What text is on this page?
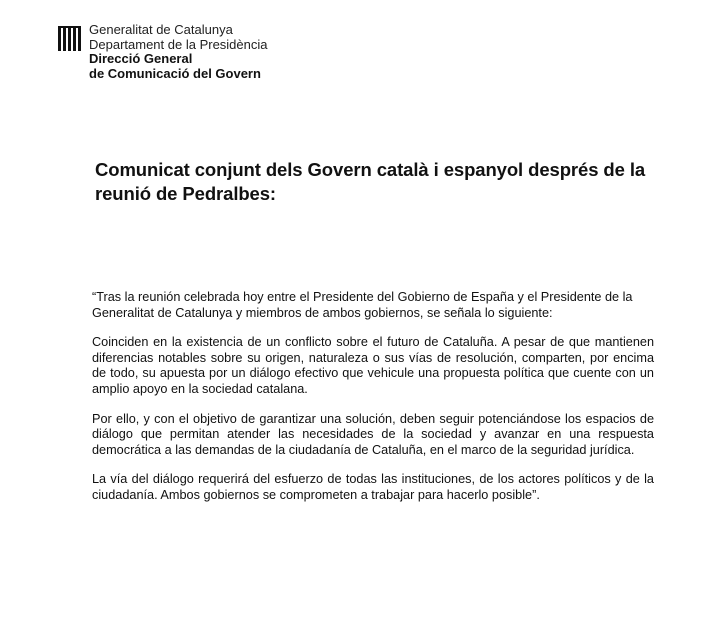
Generalitat de Catalunya
Departament de la Presidència
Direcció General
de Comunicació del Govern
Comunicat conjunt dels Govern català i espanyol després de la reunió de Pedralbes:

“Tras la reunión celebrada hoy entre el Presidente del Gobierno de España y el Presidente de la Generalitat de Catalunya y miembros de ambos gobiernos, se señala lo siguiente:

Coinciden en la existencia de un conflicto sobre el futuro de Cataluña. A pesar de que mantienen diferencias notables sobre su origen, naturaleza o sus vías de resolución, comparten, por encima de todo, su apuesta por un diálogo efectivo que vehicule una propuesta política que cuente con un amplio apoyo en la sociedad catalana.

Por ello, y con el objetivo de garantizar una solución, deben seguir potenciándose los espacios de diálogo que permitan atender las necesidades de la sociedad y avanzar en una respuesta democrática a las demandas de la ciudadanía de Cataluña, en el marco de la seguridad jurídica.

La vía del diálogo requerirá del esfuerzo de todas las instituciones, de los actores políticos y de la ciudadanía. Ambos gobiernos se comprometen a trabajar para hacerlo posible”.
